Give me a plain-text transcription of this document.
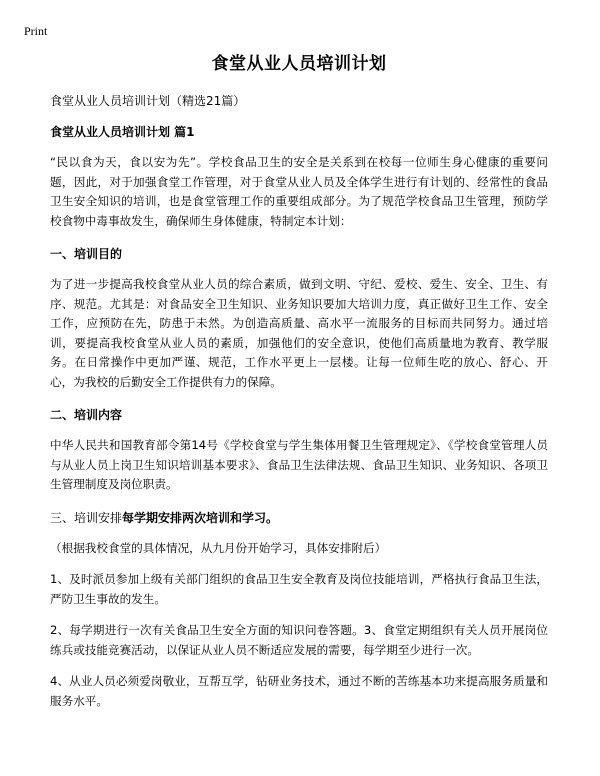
Print
食堂从业人员培训计划
食堂从业人员培训计划（精选21篇）
食堂从业人员培训计划 篇1
“民以食为天，食以安为先”。学校食品卫生的安全是关系到在校每一位师生身心健康的重要问题，因此，对于加强食堂工作管理，对于食堂从业人员及全体学生进行有计划的、经常性的食品卫生安全知识的培训，也是食堂管理工作的重要组成部分。为了规范学校食品卫生管理，预防学校食物中毒事故发生，确保师生身体健康，特制定本计划：
一、培训目的
为了进一步提高我校食堂从业人员的综合素质，做到文明、守纪、爱校、爱生、安全、卫生、有序、规范。尤其是：对食品安全卫生知识、业务知识要加大培训力度，真正做好卫生工作、安全工作，应预防在先，防患于未然。为创造高质量、高水平一流服务的目标而共同努力。通过培训，要提高我校食堂从业人员的素质，加强他们的安全意识，使他们高质量地为教育、教学服务。在日常操作中更加严谨、规范，工作水平更上一层楼。让每一位师生吃的放心、舒心、开心，为我校的后勤安全工作提供有力的保障。
二、培训内容
中华人民共和国教育部令第14号《学校食堂与学生集体用餐卫生管理规定》、《学校食堂管理人员与从业人员上岗卫生知识培训基本要求》、食品卫生法律法规、食品卫生知识、业务知识、各项卫生管理制度及岗位职责。
三、培训安排每学期安排两次培训和学习。
（根据我校食堂的具体情况，从九月份开始学习，具体安排附后）
1、及时派员参加上级有关部门组织的食品卫生安全教育及岗位技能培训，严格执行食品卫生法，严防卫生事故的发生。
2、每学期进行一次有关食品卫生安全方面的知识问卷答题。3、食堂定期组织有关人员开展岗位练兵或技能竞赛活动，以保证从业人员不断适应发展的需要，每学期至少进行一次。
4、从业人员必须爱岗敬业，互帮互学，钻研业务技术，通过不断的苦练基本功来提高服务质量和服务水平。
